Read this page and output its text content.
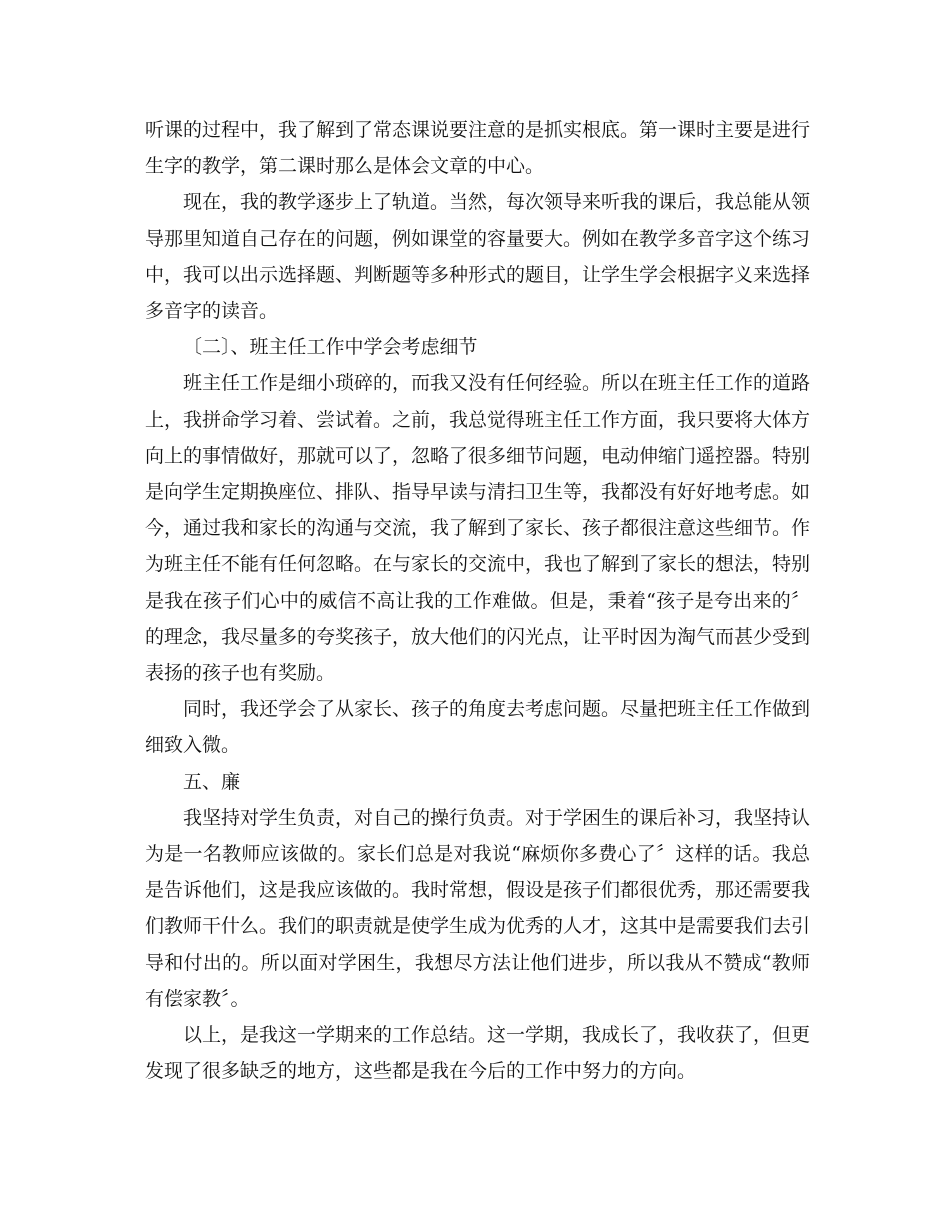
听课的过程中，我了解到了常态课说要注意的是抓实根底。第一课时主要是进行生字的教学，第二课时那么是体会文章的中心。

现在，我的教学逐步上了轨道。当然，每次领导来听我的课后，我总能从领导那里知道自己存在的问题，例如课堂的容量要大。例如在教学多音字这个练习中，我可以出示选择题、判断题等多种形式的题目，让学生学会根据字义来选择多音字的读音。

〔二〕、班主任工作中学会考虑细节

班主任工作是细小琐碎的，而我又没有任何经验。所以在班主任工作的道路上，我拼命学习着、尝试着。之前，我总觉得班主任工作方面，我只要将大体方向上的事情做好，那就可以了，忽略了很多细节问题，电动伸缩门遥控器。特别是向学生定期换座位、排队、指导早读与清扫卫生等，我都没有好好地考虑。如今，通过我和家长的沟通与交流，我了解到了家长、孩子都很注意这些细节。作为班主任不能有任何忽略。在与家长的交流中，我也了解到了家长的想法，特别是我在孩子们心中的威信不高让我的工作难做。但是，秉着“孩子是夸出来的〞的理念，我尽量多的夸奖孩子，放大他们的闪光点，让平时因为淘气而甚少受到表扬的孩子也有奖励。

同时，我还学会了从家长、孩子的角度去考虑问题。尽量把班主任工作做到细致入微。

五、廉

我坚持对学生负责，对自己的操行负责。对于学困生的课后补习，我坚持认为是一名教师应该做的。家长们总是对我说“麻烦你多费心了〞这样的话。我总是告诉他们，这是我应该做的。我时常想，假设是孩子们都很优秀，那还需要我们教师干什么。我们的职责就是使学生成为优秀的人才，这其中是需要我们去引导和付出的。所以面对学困生，我想尽方法让他们进步，所以我从不赞成“教师有偿家教〞。

以上，是我这一学期来的工作总结。这一学期，我成长了，我收获了，但更发现了很多缺乏的地方，这些都是我在今后的工作中努力的方向。
